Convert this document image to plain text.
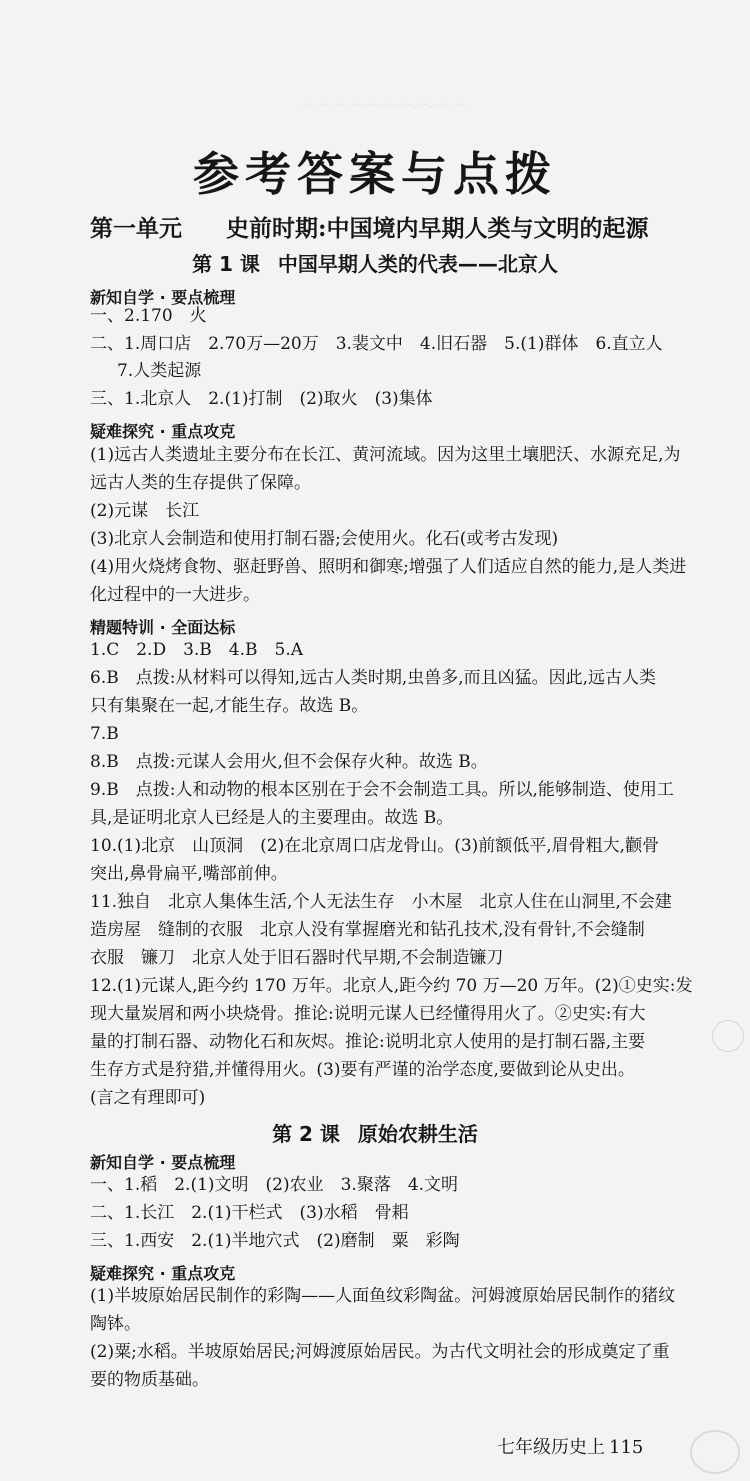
～～～～～～～～～～
参考答案与点拨
第一单元 史前时期:中国境内早期人类与文明的起源
第 1 课 中国早期人类的代表——北京人
新知自学 · 要点梳理
一、2.170　火
二、1.周口店　2.70万—20万　3.裴文中　4.旧石器　5.(1)群体　6.直立人
7.人类起源
三、1.北京人　2.(1)打制　(2)取火　(3)集体
疑难探究 · 重点攻克
(1)远古人类遗址主要分布在长江、黄河流域。因为这里土壤肥沃、水源充足,为
远古人类的生存提供了保障。
(2)元谋　长江
(3)北京人会制造和使用打制石器;会使用火。化石(或考古发现)
(4)用火烧烤食物、驱赶野兽、照明和御寒;增强了人们适应自然的能力,是人类进
化过程中的一大进步。
精题特训 · 全面达标
1.C　2.D　3.B　4.B　5.A
6.B　点拨:从材料可以得知,远古人类时期,虫兽多,而且凶猛。因此,远古人类
只有集聚在一起,才能生存。故选 B。
7.B
8.B　点拨:元谋人会用火,但不会保存火种。故选 B。
9.B　点拨:人和动物的根本区别在于会不会制造工具。所以,能够制造、使用工
具,是证明北京人已经是人的主要理由。故选 B。
10.(1)北京　山顶洞　(2)在北京周口店龙骨山。(3)前额低平,眉骨粗大,颧骨
突出,鼻骨扁平,嘴部前伸。
11.独自　北京人集体生活,个人无法生存　小木屋　北京人住在山洞里,不会建
造房屋　缝制的衣服　北京人没有掌握磨光和钻孔技术,没有骨针,不会缝制
衣服　镰刀　北京人处于旧石器时代早期,不会制造镰刀
12.(1)元谋人,距今约 170 万年。北京人,距今约 70 万—20 万年。(2)①史实:发
现大量炭屑和两小块烧骨。推论:说明元谋人已经懂得用火了。②史实:有大
量的打制石器、动物化石和灰烬。推论:说明北京人使用的是打制石器,主要
生存方式是狩猎,并懂得用火。(3)要有严谨的治学态度,要做到论从史出。
(言之有理即可)
第 2 课 原始农耕生活
新知自学 · 要点梳理
一、1.稻　2.(1)文明　(2)农业　3.聚落　4.文明
二、1.长江　2.(1)干栏式　(3)水稻　骨耜
三、1.西安　2.(1)半地穴式　(2)磨制　粟　彩陶
疑难探究 · 重点攻克
(1)半坡原始居民制作的彩陶——人面鱼纹彩陶盆。河姆渡原始居民制作的猪纹
陶钵。
(2)粟;水稻。半坡原始居民;河姆渡原始居民。为古代文明社会的形成奠定了重
要的物质基础。
七年级历史上 115
